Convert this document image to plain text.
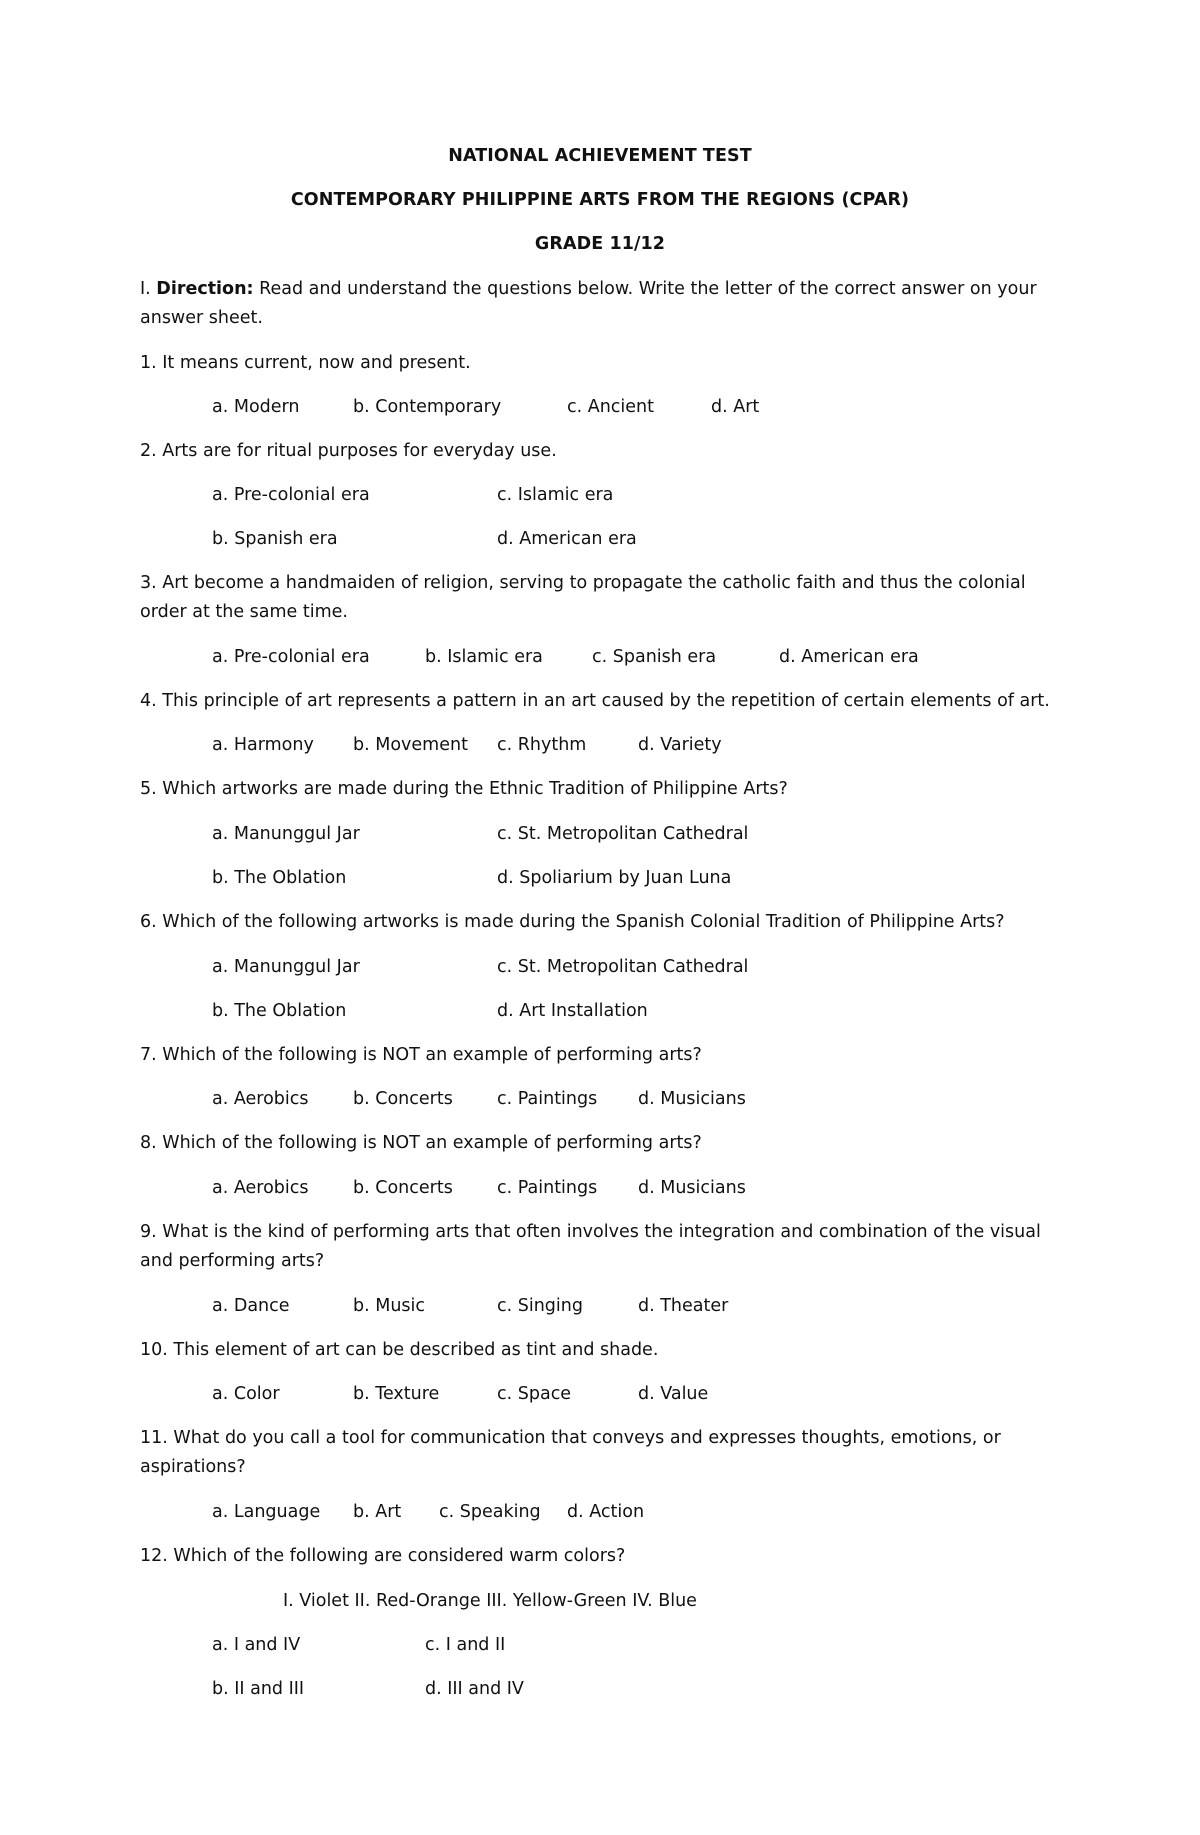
NATIONAL ACHIEVEMENT TEST
CONTEMPORARY PHILIPPINE ARTS FROM THE REGIONS (CPAR)
GRADE 11/12
I. Direction: Read and understand the questions below. Write the letter of the correct answer on your answer sheet.
1. It means current, now and present.
a. Modern	b. Contemporary	c. Ancient	d. Art
2. Arts are for ritual purposes for everyday use.
a. Pre-colonial era	c. Islamic era
b. Spanish era	d. American era
3. Art become a handmaiden of religion, serving to propagate the catholic faith and thus the colonial order at the same time.
a. Pre-colonial era	b. Islamic era	c. Spanish era	d. American era
4. This principle of art represents a pattern in an art caused by the repetition of certain elements of art.
a. Harmony b. Movement c. Rhythm	d. Variety
5. Which artworks are made during the Ethnic Tradition of Philippine Arts?
a. Manunggul Jar	c. St. Metropolitan Cathedral
b. The Oblation	d. Spoliarium by Juan Luna
6. Which of the following artworks is made during the Spanish Colonial Tradition of Philippine Arts?
a. Manunggul Jar	c. St. Metropolitan Cathedral
b. The Oblation	d. Art Installation
7. Which of the following is NOT an example of performing arts?
a. Aerobics	b. Concerts	c. Paintings d. Musicians
8. Which of the following is NOT an example of performing arts?
a. Aerobics	b. Concerts	c. Paintings d. Musicians
9. What is the kind of performing arts that often involves the integration and combination of the visual and performing arts?
a. Dance	b. Music	c. Singing	d. Theater
10. This element of art can be described as tint and shade.
a. Color	b. Texture	c. Space	d. Value
11. What do you call a tool for communication that conveys and expresses thoughts, emotions, or aspirations?
a. Language b. Art c. Speaking d. Action
12. Which of the following are considered warm colors?
I. Violet II. Red-Orange III. Yellow-Green IV. Blue
a. I and IV	c. I and II
b. II and III	d. III and IV
